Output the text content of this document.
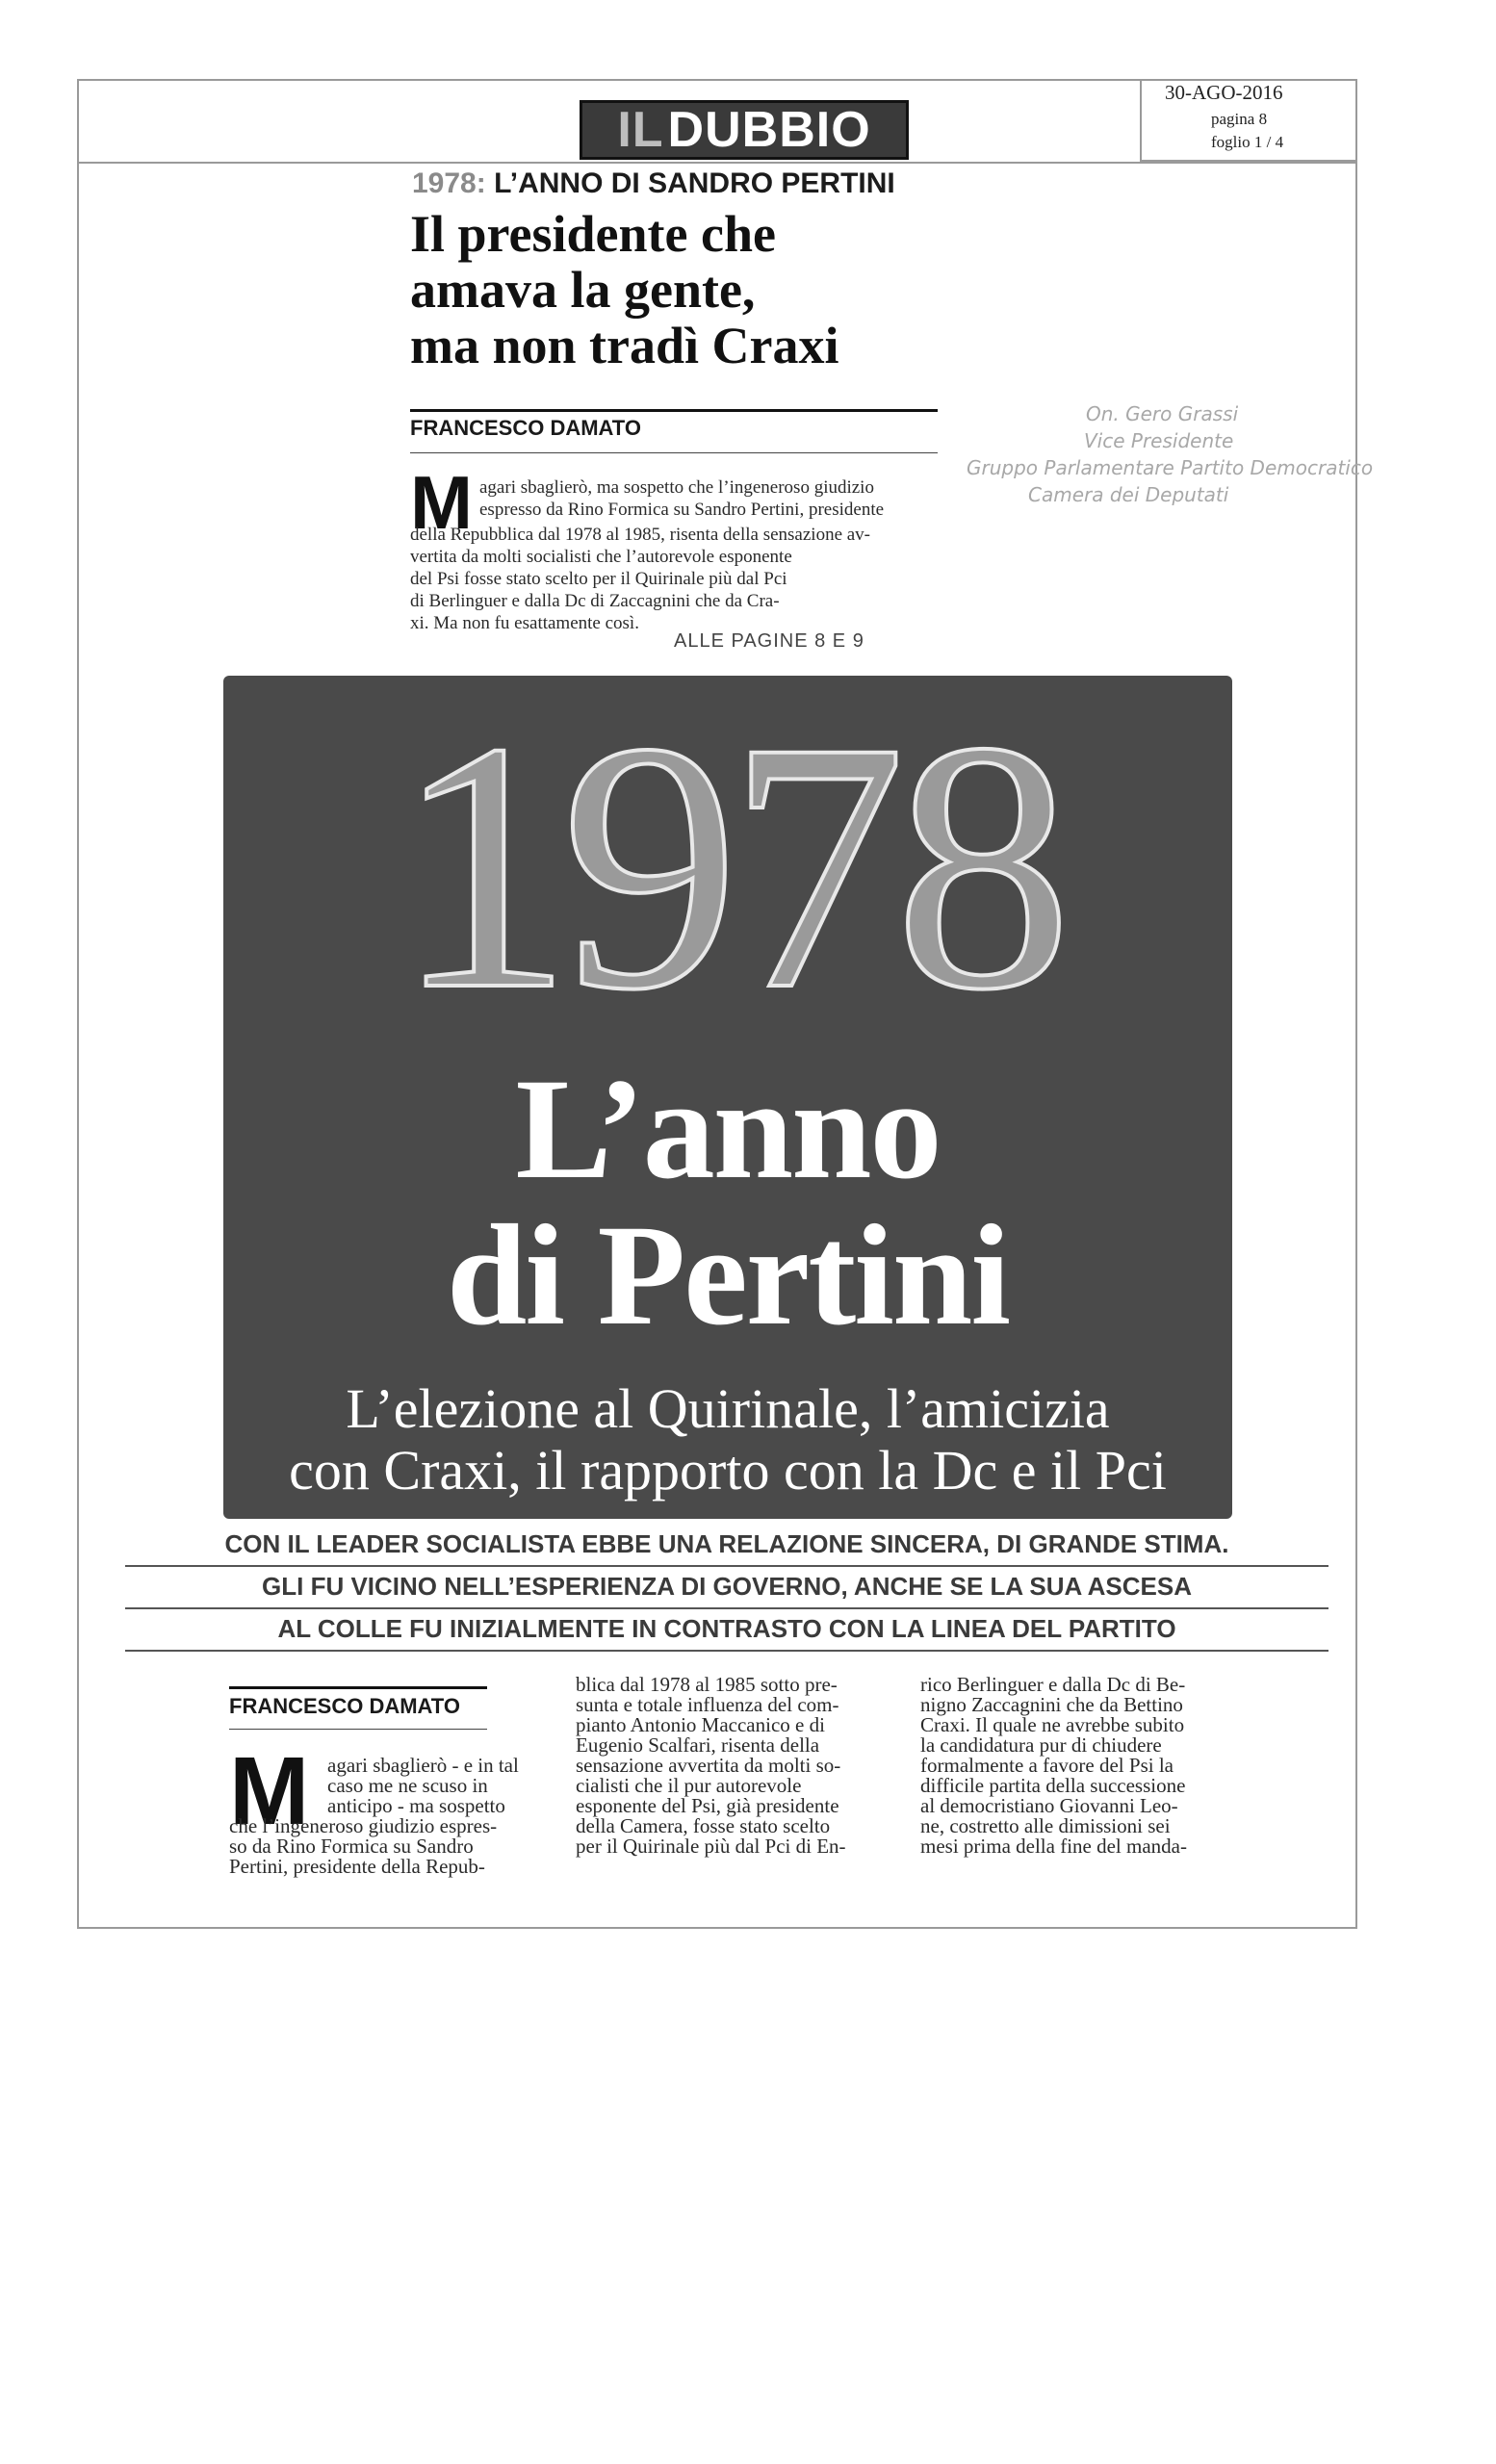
30-AGO-2016
pagina 8
foglio 1 / 4
IL DUBBIO
1978: L’ANNO DI SANDRO PERTINI
Il presidente che
amava la gente,
ma non tradì Craxi
FRANCESCO DAMATO
On. Gero Grassi
Vice Presidente
Gruppo Parlamentare Partito Democratico
Camera dei Deputati
M agari sbaglierò, ma sospetto che l’ingeneroso giudizio
espresso da Rino Formica su Sandro Pertini, presidente
della Repubblica dal 1978 al 1985, risenta della sensazione av-
vertita da molti socialisti che l’autorevole esponente
del Psi fosse stato scelto per il Quirinale più dal Pci
di Berlinguer e dalla Dc di Zaccagnini che da Cra-
xi. Ma non fu esattamente così.
ALLE PAGINE 8 E 9
1978
L’anno
di Pertini
L’elezione al Quirinale, l’amicizia
con Craxi, il rapporto con la Dc e il Pci
CON IL LEADER SOCIALISTA EBBE UNA RELAZIONE SINCERA, DI GRANDE STIMA.
GLI FU VICINO NELL’ESPERIENZA DI GOVERNO, ANCHE SE LA SUA ASCESA
AL COLLE FU INIZIALMENTE IN CONTRASTO CON LA LINEA DEL PARTITO
FRANCESCO DAMATO
M agari sbaglierò - e in tal
caso me ne scuso in
anticipo - ma sospetto
che l’ingeneroso giudizio espres-
so da Rino Formica su Sandro
Pertini, presidente della Repub-
blica dal 1978 al 1985 sotto pre-
sunta e totale influenza del com-
pianto Antonio Maccanico e di
Eugenio Scalfari, risenta della
sensazione avvertita da molti so-
cialisti che il pur autorevole
esponente del Psi, già presidente
della Camera, fosse stato scelto
per il Quirinale più dal Pci di En-
rico Berlinguer e dalla Dc di Be-
nigno Zaccagnini che da Bettino
Craxi. Il quale ne avrebbe subito
la candidatura pur di chiudere
formalmente a favore del Psi la
difficile partita della successione
al democristiano Giovanni Leo-
ne, costretto alle dimissioni sei
mesi prima della fine del manda-
